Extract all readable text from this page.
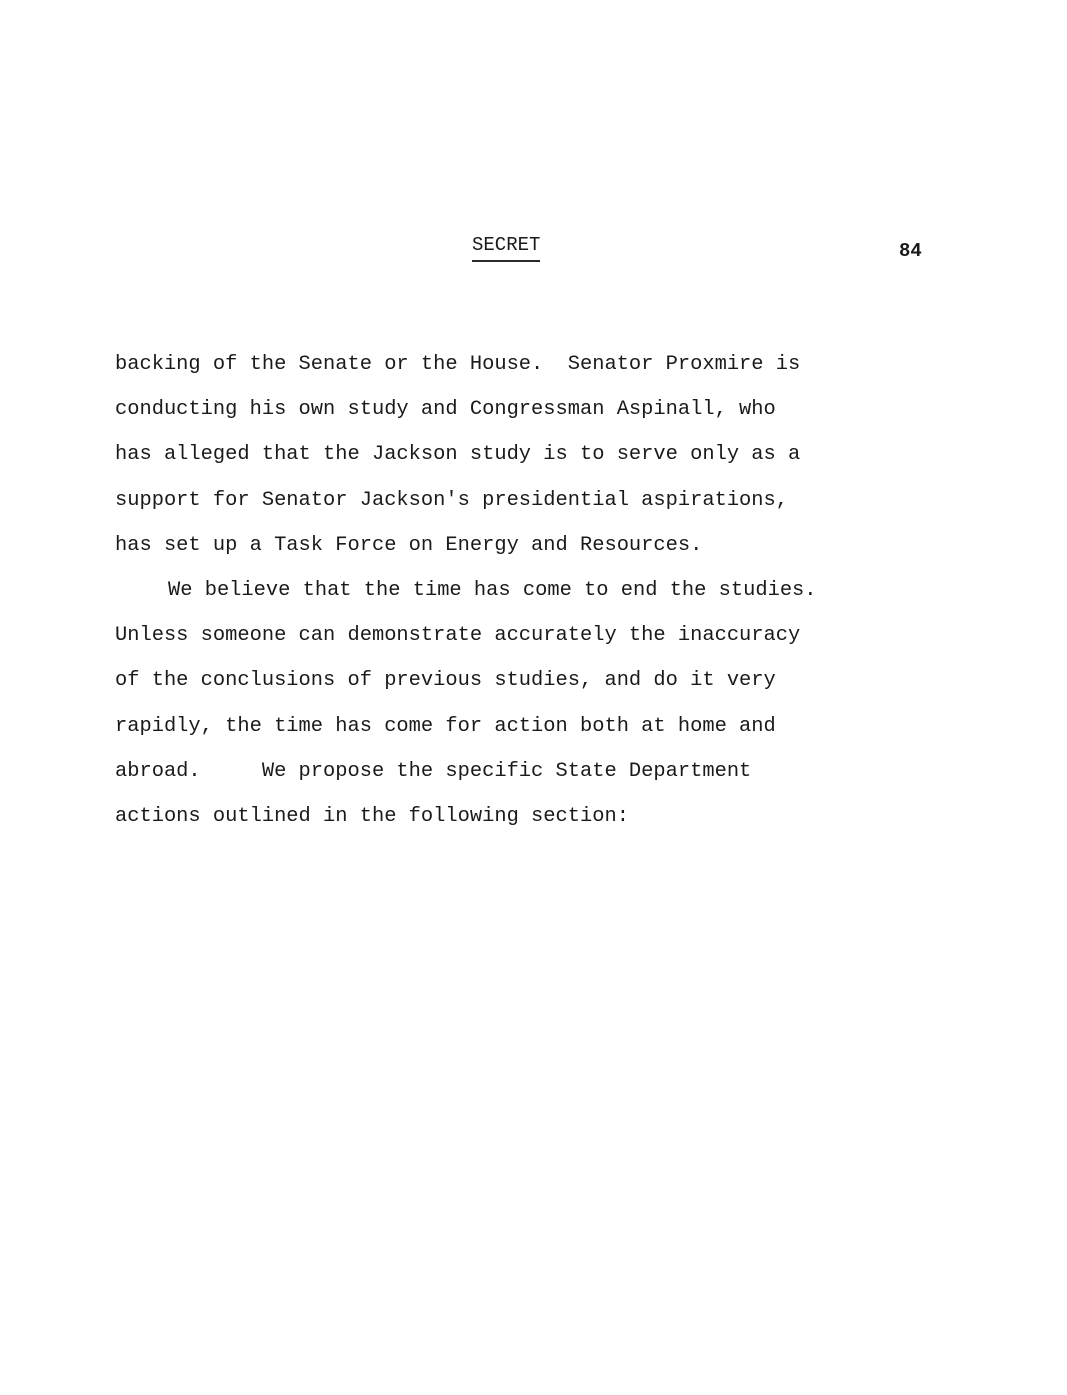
SECRET	84
backing of the Senate or the House.  Senator Proxmire is
conducting his own study and Congressman Aspinall, who
has alleged that the Jackson study is to serve only as a
support for Senator Jackson's presidential aspirations,
has set up a Task Force on Energy and Resources.
We believe that the time has come to end the studies.
Unless someone can demonstrate accurately the inaccuracy
of the conclusions of previous studies, and do it very
rapidly, the time has come for action both at home and
abroad.     We propose the specific State Department
actions outlined in the following section:
